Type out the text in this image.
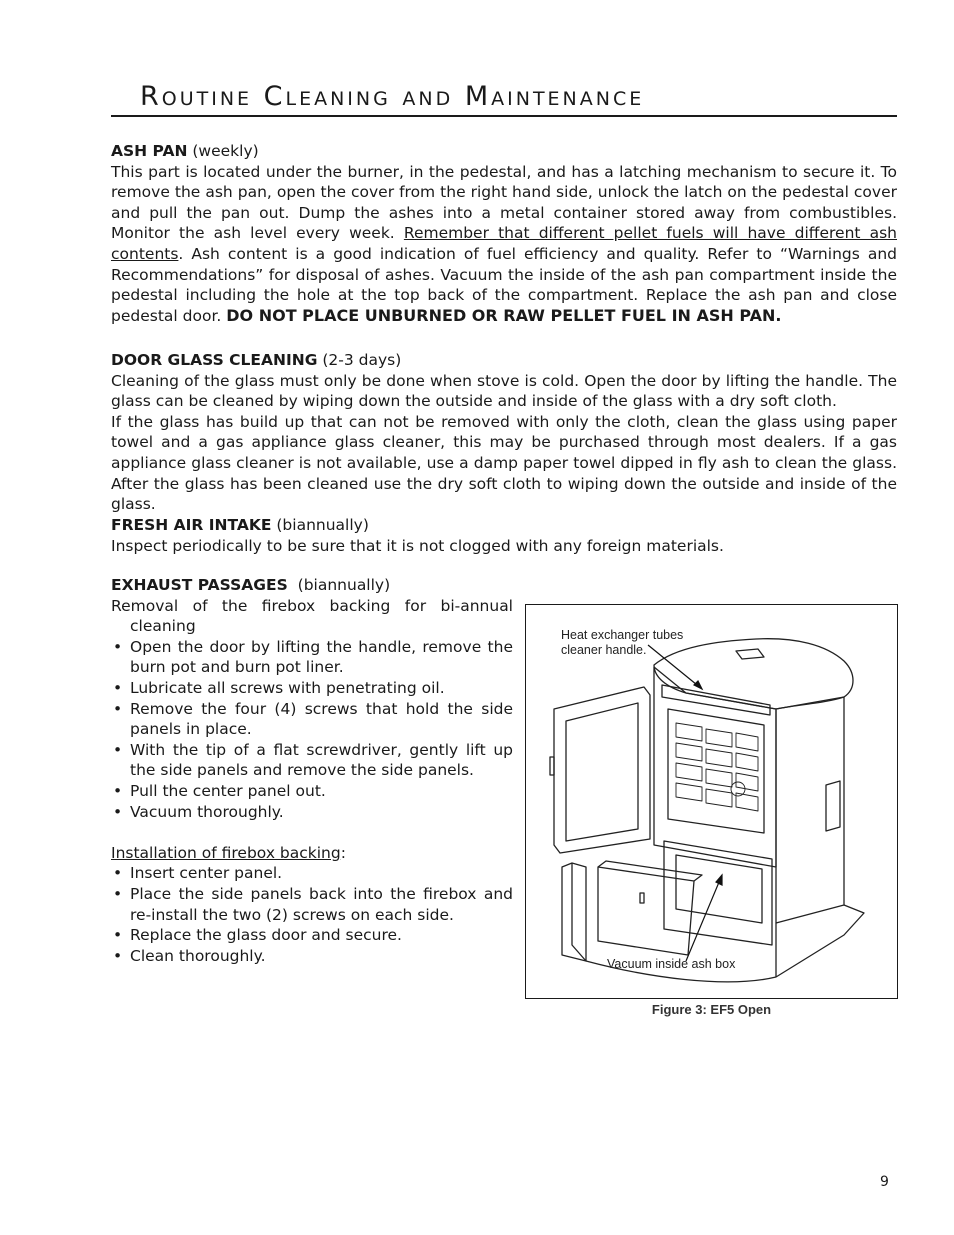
Routine Cleaning and Maintenance

ASH PAN (weekly)

This part is located under the burner, in the pedestal, and has a latching mechanism to secure it. To remove the ash pan, open the cover from the right hand side, unlock the latch on the pedestal cover and pull the pan out. Dump the ashes into a metal container stored away from combustibles. Monitor the ash level every week. Remember that different pellet fuels will have different ash contents. Ash content is a good indication of fuel efficiency and quality. Refer to “Warnings and Recommendations” for disposal of ashes. Vacuum the inside of the ash pan compartment inside the pedestal including the hole at the top back of the compartment. Replace the ash pan and close pedestal door. DO NOT PLACE UNBURNED OR RAW PELLET FUEL IN ASH PAN.

DOOR GLASS CLEANING (2-3 days)

Cleaning of the glass must only be done when stove is cold. Open the door by lifting the handle. The glass can be cleaned by wiping down the outside and inside of the glass with a dry soft cloth.

If the glass has build up that can not be removed with only the cloth, clean the glass using paper towel and a gas appliance glass cleaner, this may be purchased through most dealers. If a gas appliance glass cleaner is not available, use a damp paper towel dipped in fly ash to clean the glass. After the glass has been cleaned use the dry soft cloth to wiping down the outside and inside of the glass.

FRESH AIR INTAKE (biannually)

Inspect periodically to be sure that it is not clogged with any foreign materials.

EXHAUST PASSAGES  (biannually)

Removal of the firebox backing for bi-annual

cleaning

• Open the door by lifting the handle, remove the burn pot and burn pot liner.
• Lubricate all screws with penetrating oil.
• Remove the four (4) screws that hold the side panels in place.
• With the tip of a flat screwdriver, gently lift up the side panels and remove the side panels.
• Pull the center panel out.
• Vacuum thoroughly.

Installation of firebox backing:

• Insert center panel.
• Place the side panels back into the firebox and re-install the two (2) screws on each side.
• Replace the glass door and secure.
• Clean thoroughly.
Heat exchanger tubes
cleaner handle.
Vacuum inside ash box
Figure 3: EF5 Open
9
